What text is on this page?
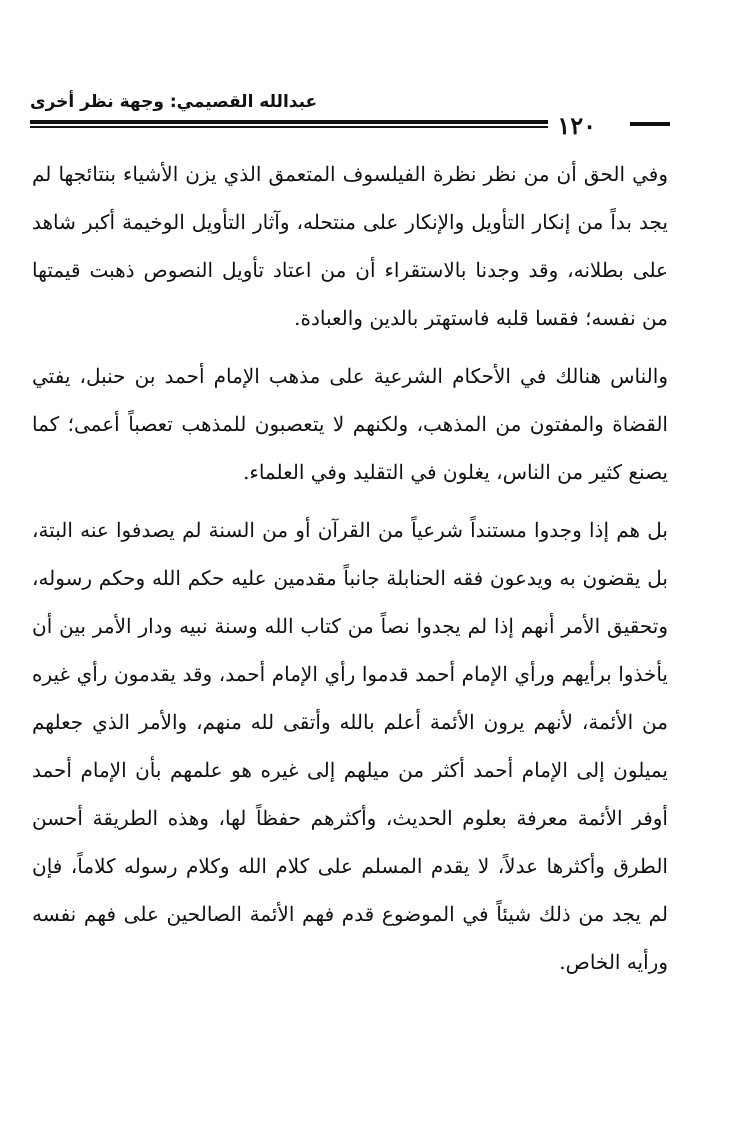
عبدالله القصيمي: وجهة نظر أخرى
١٢٠

وفي الحق أن من نظر نظرة الفيلسوف المتعمق الذي يزن الأشياء بنتائجها لم يجد بداً من إنكار التأويل والإنكار على منتحله، وآثار التأويل الوخيمة أكبر شاهد على بطلانه، وقد وجدنا بالاستقراء أن من اعتاد تأويل النصوص ذهبت قيمتها من نفسه؛ فقسا قلبه فاستهتر بالدين والعبادة.

والناس هنالك في الأحكام الشرعية على مذهب الإمام أحمد بن حنبل، يفتي القضاة والمفتون من المذهب، ولكنهم لا يتعصبون للمذهب تعصباً أعمى؛ كما يصنع كثير من الناس، يغلون في التقليد وفي العلماء.

بل هم إذا وجدوا مستنداً شرعياً من القرآن أو من السنة لم يصدفوا عنه البتة، بل يقضون به ويدعون فقه الحنابلة جانباً مقدمين عليه حكم الله وحكم رسوله، وتحقيق الأمر أنهم إذا لم يجدوا نصاً من كتاب الله وسنة نبيه ودار الأمر بين أن يأخذوا برأيهم ورأي الإمام أحمد قدموا رأي الإمام أحمد، وقد يقدمون رأي غيره من الأئمة، لأنهم يرون الأئمة أعلم بالله وأتقى لله منهم، والأمر الذي جعلهم يميلون إلى الإمام أحمد أكثر من ميلهم إلى غيره هو علمهم بأن الإمام أحمد أوفر الأئمة معرفة بعلوم الحديث، وأكثرهم حفظاً لها، وهذه الطريقة أحسن الطرق وأكثرها عدلاً، لا يقدم المسلم على كلام الله وكلام رسوله كلاماً، فإن لم يجد من ذلك شيئاً في الموضوع قدم فهم الأئمة الصالحين على فهم نفسه ورأيه الخاص.
